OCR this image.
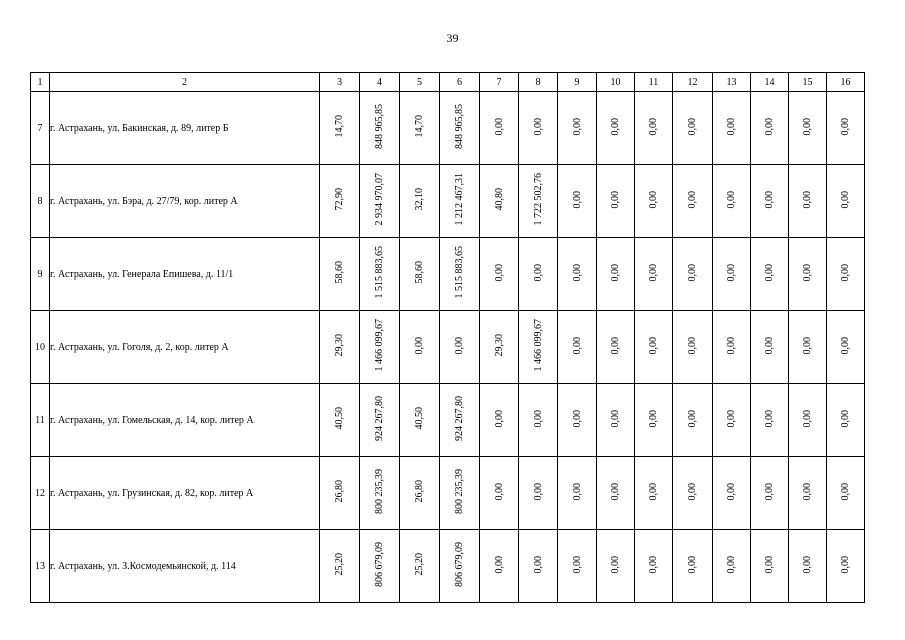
39
1	2	3	4	5	6	7	8	9	10	11	12	13	14	15	16
7	г. Астрахань, ул. Бакинская, д. 89, литер Б	14,70	848 965,85	14,70	848 965,85	0,00	0,00	0,00	0,00	0,00	0,00	0,00	0,00	0,00	0,00
8	г. Астрахань, ул. Бэра, д. 27/79, кор. литер А	72,90	2 934 970,07	32,10	1 212 467,31	40,80	1 722 502,76	0,00	0,00	0,00	0,00	0,00	0,00	0,00	0,00
9	г. Астрахань, ул. Генерала Епишева, д. 11/1	58,60	1 515 883,65	58,60	1 515 883,65	0,00	0,00	0,00	0,00	0,00	0,00	0,00	0,00	0,00	0,00
10	г. Астрахань, ул. Гоголя, д. 2, кор. литер А	29,30	1 466 099,67	0,00	0,00	29,30	1 466 099,67	0,00	0,00	0,00	0,00	0,00	0,00	0,00	0,00
11	г. Астрахань, ул. Гомельская, д. 14, кор. литер А	40,50	924 267,80	40,50	924 267,80	0,00	0,00	0,00	0,00	0,00	0,00	0,00	0,00	0,00	0,00
12	г. Астрахань, ул. Грузинская, д. 82, кор. литер А	26,80	800 235,39	26,80	800 235,39	0,00	0,00	0,00	0,00	0,00	0,00	0,00	0,00	0,00	0,00
13	г. Астрахань, ул. З.Космодемьянской, д. 114	25,20	806 679,09	25,20	806 679,09	0,00	0,00	0,00	0,00	0,00	0,00	0,00	0,00	0,00	0,00
